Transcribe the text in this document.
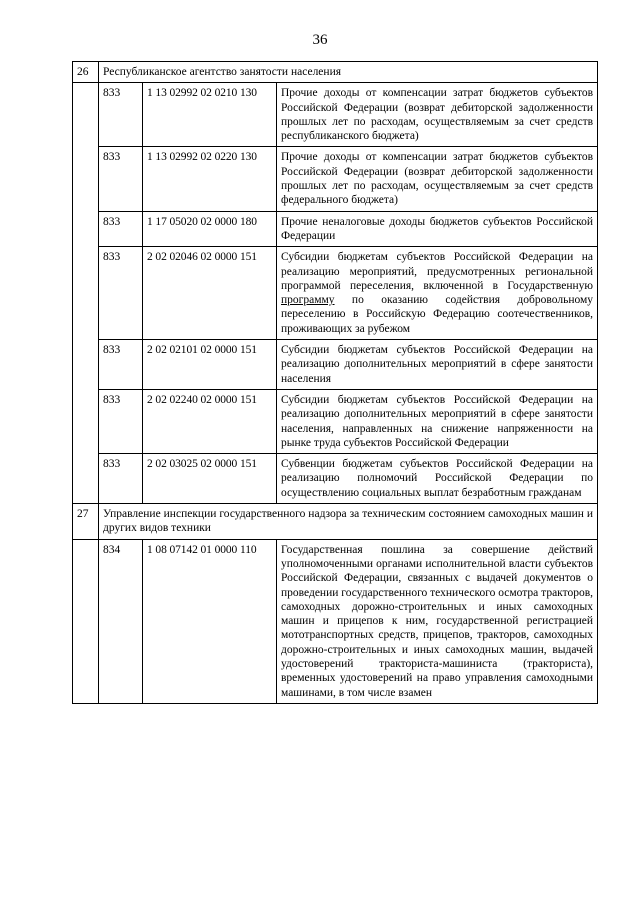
36
26	Республиканское агентство занятости населения		
	833	1 13 02992 02 0210 130	Прочие доходы от компенсации затрат бюджетов субъектов Российской Федерации (возврат дебиторской задолженности прошлых лет по расходам, осуществляемым за счет средств республиканского бюджета)
	833	1 13 02992 02 0220 130	Прочие доходы от компенсации затрат бюджетов субъектов Российской Федерации (возврат дебиторской задолженности прошлых лет по расходам, осуществляемым за счет средств федерального бюджета)
	833	1 17 05020 02 0000 180	Прочие неналоговые доходы бюджетов субъектов Российской Федерации
	833	2 02 02046 02 0000 151	Субсидии бюджетам субъектов Российской Федерации на реализацию мероприятий, предусмотренных региональной программой переселения, включенной в Государственную программу по оказанию содействия добровольному переселению в Российскую Федерацию соотечественников, проживающих за рубежом
	833	2 02 02101 02 0000 151	Субсидии бюджетам субъектов Российской Федерации на реализацию дополнительных мероприятий в сфере занятости населения
	833	2 02 02240 02 0000 151	Субсидии бюджетам субъектов Российской Федерации на реализацию дополнительных мероприятий в сфере занятости населения, направленных на снижение напряженности на рынке труда субъектов Российской Федерации
	833	2 02 03025 02 0000 151	Субвенции бюджетам субъектов Российской Федерации на реализацию полномочий Российской Федерации по осуществлению социальных выплат безработным гражданам
27	Управление инспекции государственного надзора за техническим состоянием самоходных машин и других видов техники		
	834	1 08 07142 01 0000 110	Государственная пошлина за совершение действий уполномоченными органами исполнительной власти субъектов Российской Федерации, связанных с выдачей документов о проведении государственного технического осмотра тракторов, самоходных дорожно-строительных и иных самоходных машин и прицепов к ним, государственной регистрацией мототранспортных средств, прицепов, тракторов, самоходных дорожно-строительных и иных самоходных машин, выдачей удостоверений тракториста-машиниста (тракториста), временных удостоверений на право управления самоходными машинами, в том числе взамен
